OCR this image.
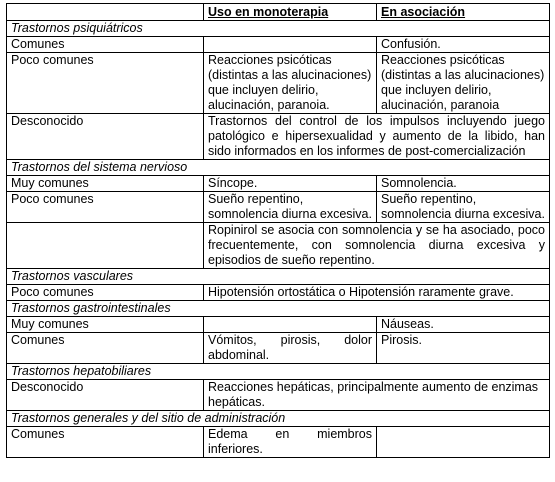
	Uso en monoterapia	En asociación
Trastornos psiquiátricos		
Comunes		Confusión.
Poco comunes	Reacciones psicóticas (distintas a las alucinaciones) que incluyen delirio, alucinación, paranoia.	Reacciones psicóticas (distintas a las alucinaciones) que incluyen delirio, alucinación, paranoia
Desconocido	Trastornos del control de los impulsos incluyendo juego patológico e hipersexualidad y aumento de la libido, han sido informados en los informes de post-comercialización	
Trastornos del sistema nervioso		
Muy comunes	Síncope.	Somnolencia.
Poco comunes	Sueño repentino, somnolencia diurna excesiva.	Sueño repentino, somnolencia diurna excesiva.
	Ropinirol se asocia con somnolencia y se ha asociado, poco frecuentemente, con somnolencia diurna excesiva y episodios de sueño repentino.	
Trastornos vasculares		
Poco comunes	Hipotensión ortostática o Hipotensión raramente grave.	
Trastornos gastrointestinales		
Muy comunes		Náuseas.
Comunes	Vómitos, pirosis, dolor abdominal.	Pirosis.
Trastornos hepatobiliares		
Desconocido	Reacciones hepáticas, principalmente aumento de enzimas hepáticas.	
Trastornos generales y del sitio de administración		
Comunes	Edema en miembros inferiores.	
